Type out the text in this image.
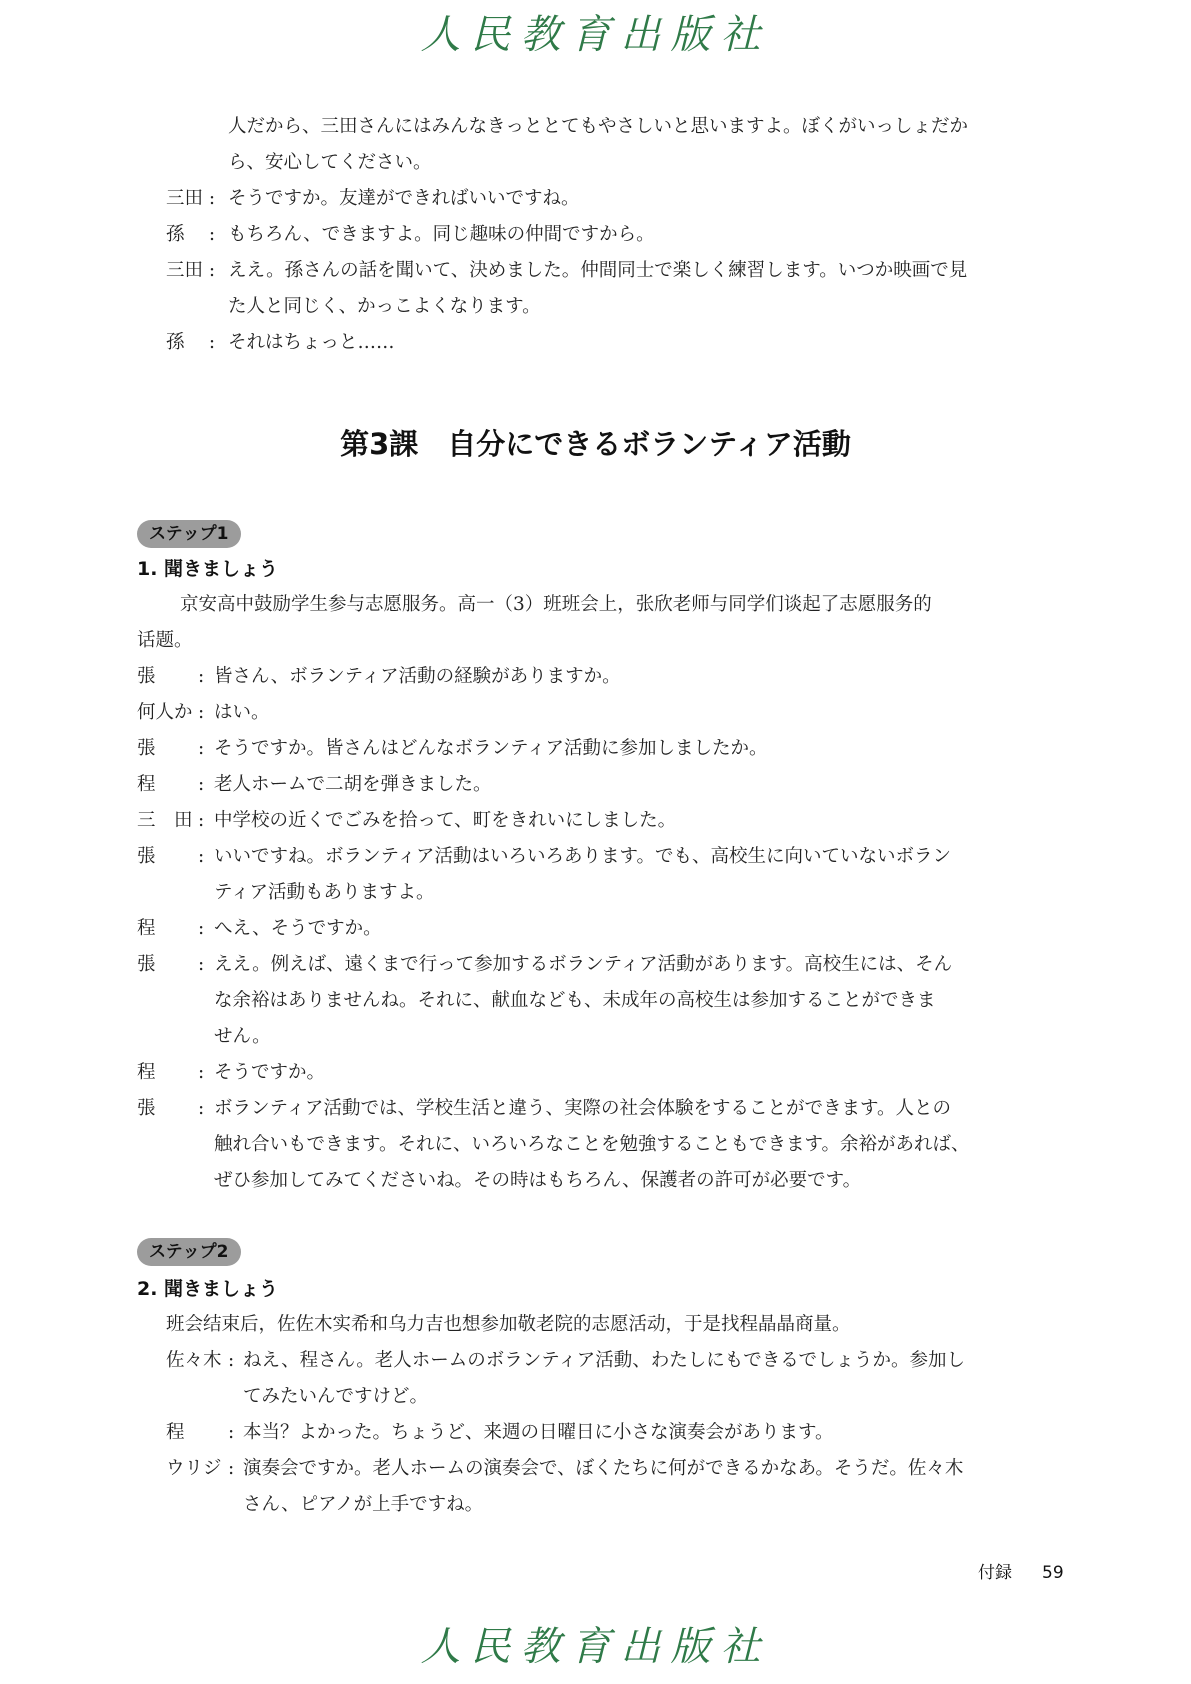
人民教育出版社
人だから、三田さんにはみんなきっととてもやさしいと思いますよ。ぼくがいっしょだか
ら、安心してください。
三田 : そうですか。友達ができればいいですね。
孫　 : もちろん、できますよ。同じ趣味の仲間ですから。
三田 : ええ。孫さんの話を聞いて、決めました。仲間同士で楽しく練習します。いつか映画で見
た人と同じく、かっこよくなります。
孫　 : それはちょっと……
第3課　自分にできるボランティア活動
ステップ1
1. 聞きましょう
京安高中鼓励学生参与志愿服务。高一（3）班班会上，张欣老师与同学们谈起了志愿服务的
话题。
張 : 皆さん、ボランティア活動の経験がありますか。
何人か : はい。
張 : そうですか。皆さんはどんなボランティア活動に参加しましたか。
程 : 老人ホームで二胡を弾きました。
三　田 : 中学校の近くでごみを拾って、町をきれいにしました。
張 : いいですね。ボランティア活動はいろいろあります。でも、高校生に向いていないボラン
ティア活動もありますよ。
程 : へえ、そうですか。
張 : ええ。例えば、遠くまで行って参加するボランティア活動があります。高校生には、そん
な余裕はありませんね。それに、献血なども、未成年の高校生は参加することができま
せん。
程 : そうですか。
張 : ボランティア活動では、学校生活と違う、実際の社会体験をすることができます。人との
触れ合いもできます。それに、いろいろなことを勉強することもできます。余裕があれば、
ぜひ参加してみてくださいね。その時はもちろん、保護者の許可が必要です。
ステップ2
2. 聞きましょう
班会结束后，佐佐木实希和乌力吉也想参加敬老院的志愿活动，于是找程晶晶商量。
佐々木 : ねえ、程さん。老人ホームのボランティア活動、わたしにもできるでしょうか。参加し
てみたいんですけど。
程 : 本当？よかった。ちょうど、来週の日曜日に小さな演奏会があります。
ウリジ : 演奏会ですか。老人ホームの演奏会で、ぼくたちに何ができるかなあ。そうだ。佐々木
さん、ピアノが上手ですね。
付録 59
人民教育出版社
